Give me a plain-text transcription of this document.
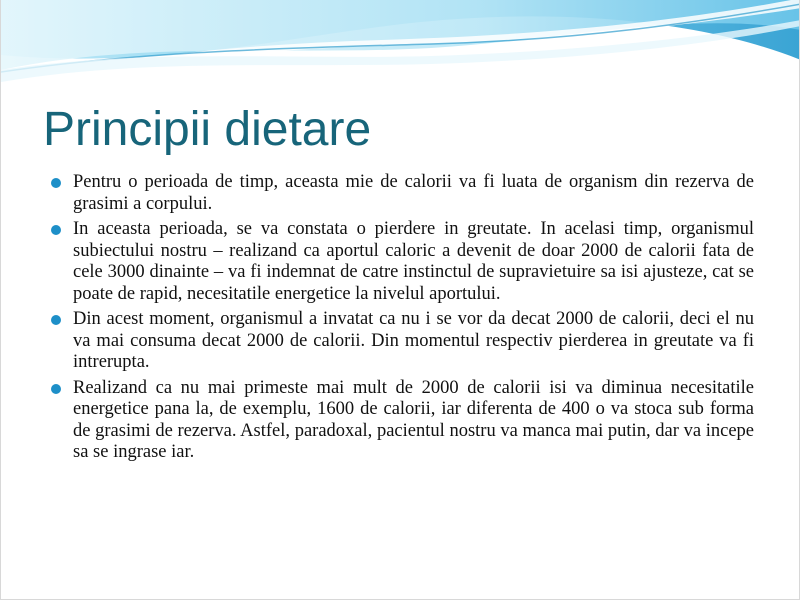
Principii dietare
Pentru o perioada de timp, aceasta mie de calorii va fi luata de organism din rezerva de grasimi a corpului.
In aceasta perioada, se va constata o pierdere in greutate. In acelasi timp, organismul subiectului nostru – realizand ca aportul caloric a devenit de doar 2000 de calorii fata de cele 3000 dinainte – va fi indemnat de catre instinctul de supravietuire sa isi ajusteze, cat se poate de rapid, necesitatile energetice la nivelul aportului.
Din acest moment, organismul a invatat ca nu i se vor da decat 2000 de calorii, deci el nu va mai consuma decat 2000 de calorii. Din momentul respectiv pierderea in greutate va fi intrerupta.
Realizand ca nu mai primeste mai mult de 2000 de calorii isi va diminua necesitatile energetice pana la, de exemplu, 1600 de calorii, iar diferenta de 400 o va stoca sub forma de grasimi de rezerva. Astfel, paradoxal, pacientul nostru va manca mai putin, dar va incepe sa se ingrase iar.
